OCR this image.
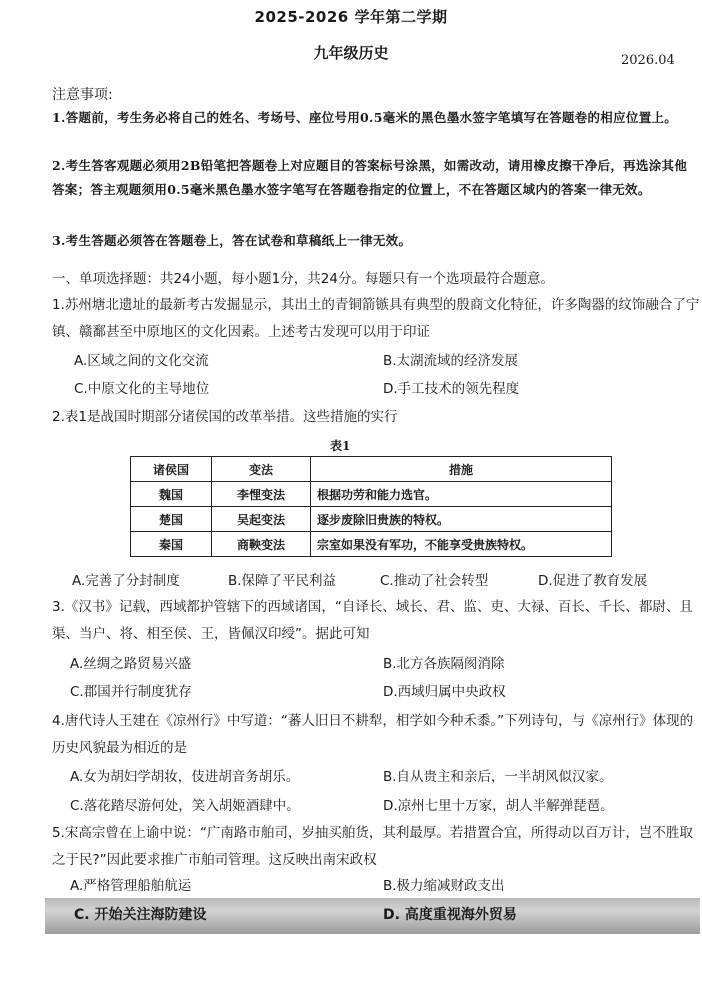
2025-2026 学年第二学期
九年级历史	2026.04
注意事项:
1.答题前，考生务必将自己的姓名、考场号、座位号用0.5毫米的黑色墨水签字笔填写在答题卷的相应位置上。
2.考生答客观题必须用2B铅笔把答题卷上对应题目的答案标号涂黑，如需改动，请用橡皮擦干净后，再选涂其他答案；答主观题须用0.5毫米黑色墨水签字笔写在答题卷指定的位置上，不在答题区域内的答案一律无效。
3.考生答题必须答在答题卷上，答在试卷和草稿纸上一律无效。
一、单项选择题：共24小题，每小题1分，共24分。每题只有一个选项最符合题意。
1.苏州塘北遗址的最新考古发掘显示，其出土的青铜箭镞具有典型的殷商文化特征，许多陶器的纹饰融合了宁镇、赣鄱甚至中原地区的文化因素。上述考古发现可以用于印证
A.区域之间的文化交流	B.太湖流域的经济发展
C.中原文化的主导地位	D.手工技术的领先程度
2.表1是战国时期部分诸侯国的改革举措。这些措施的实行
表1
诸侯国	变法	措施
魏国	李悝变法	根据功劳和能力选官。
楚国	吴起变法	逐步废除旧贵族的特权。
秦国	商鞅变法	宗室如果没有军功，不能享受贵族特权。
A.完善了分封制度	B.保障了平民利益	C.推动了社会转型	D.促进了教育发展
3.《汉书》记载，西域都护管辖下的西域诸国，“自译长、域长、君、监、吏、大禄、百长、千长、都尉、且渠、当户、将、相至侯、王，皆佩汉印绶”。据此可知
A.丝绸之路贸易兴盛	B.北方各族隔阂消除
C.郡国并行制度犹存	D.西域归属中央政权
4.唐代诗人王建在《凉州行》中写道：“蕃人旧日不耕犁，相学如今种禾黍。”下列诗句，与《凉州行》体现的历史风貌最为相近的是
A.女为胡妇学胡妆，伎进胡音务胡乐。	B.自从贵主和亲后，一半胡风似汉家。
C.落花踏尽游何处，笑入胡姬酒肆中。	D.凉州七里十万家，胡人半解弹琵琶。
5.宋高宗曾在上谕中说：“广南路市舶司，岁抽买舶货，其利最厚。若措置合宜，所得动以百万计，岂不胜取之于民?”因此要求推广市舶司管理。这反映出南宋政权
A.严格管理船舶航运	B.极力缩减财政支出
C. 开始关注海防建设	D. 高度重视海外贸易
